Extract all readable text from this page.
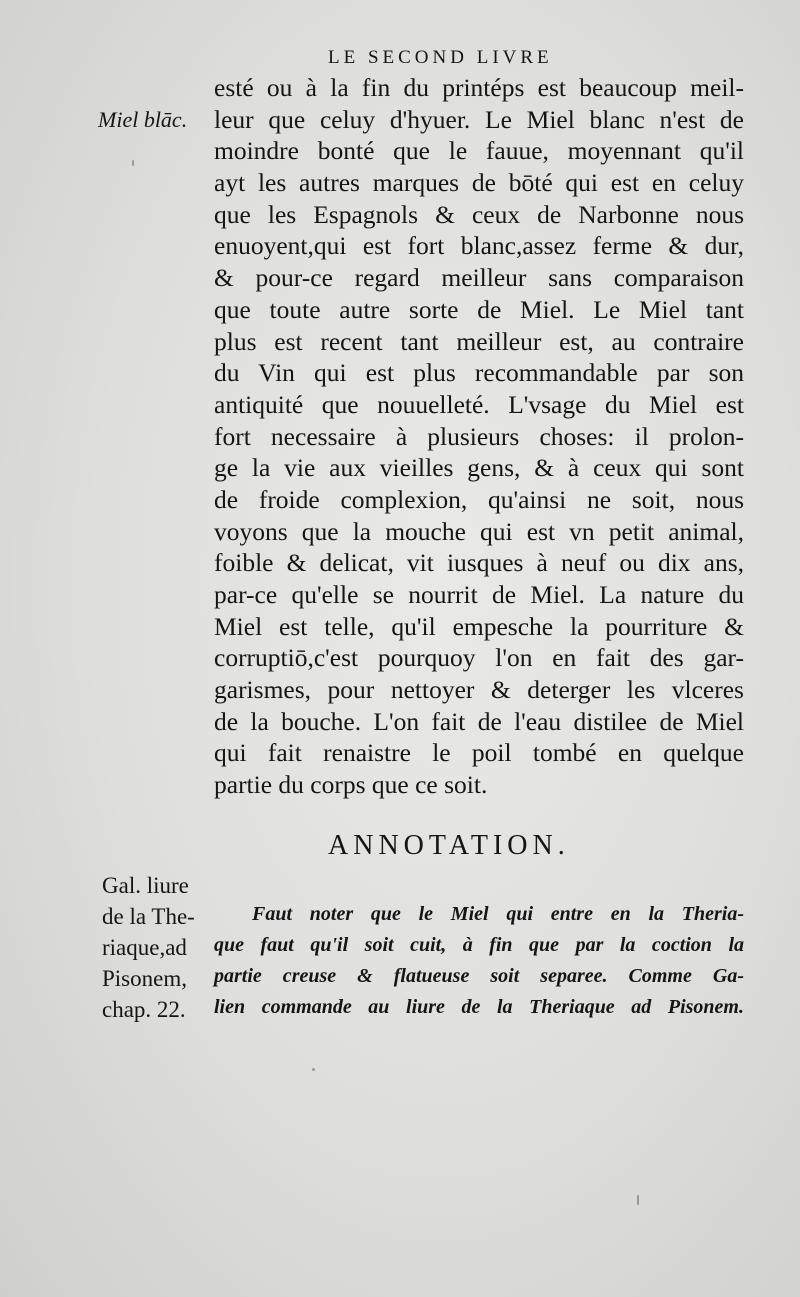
LE SECOND LIVRE
Miel blāc.
esté ou à la fin du printéps est beaucoup meil-
leur que celuy d'hyuer. Le Miel blanc n'est de
moindre bonté que le fauue, moyennant qu'il
ayt les autres marques de bōté qui est en celuy
que les Espagnols & ceux de Narbonne nous
enuoyent,qui est fort blanc,assez ferme & dur,
& pour-ce regard meilleur sans comparaison
que toute autre sorte de Miel. Le Miel tant
plus est recent tant meilleur est, au contraire
du Vin qui est plus recommandable par son
antiquité que nouuelleté. L'vsage du Miel est
fort necessaire à plusieurs choses: il prolon-
ge la vie aux vieilles gens, & à ceux qui sont
de froide complexion, qu'ainsi ne soit, nous
voyons que la mouche qui est vn petit animal,
foible & delicat, vit iusques à neuf ou dix ans,
par-ce qu'elle se nourrit de Miel. La nature du
Miel est telle, qu'il empesche la pourriture &
corruptiō,c'est pourquoy l'on en fait des gar-
garismes, pour nettoyer & deterger les vlceres
de la bouche. L'on fait de l'eau distilee de Miel
qui fait renaistre le poil tombé en quelque
partie du corps que ce soit.
ANNOTATION.
Gal. liure
de la The-
riaque,ad
Pisonem,
chap. 22.
Faut noter que le Miel qui entre en la Theria-
que faut qu'il soit cuit, à fin que par la coction la
partie creuse & flatueuse soit separee. Comme Ga-
lien commande au liure de la Theriaque ad Pisonem.
